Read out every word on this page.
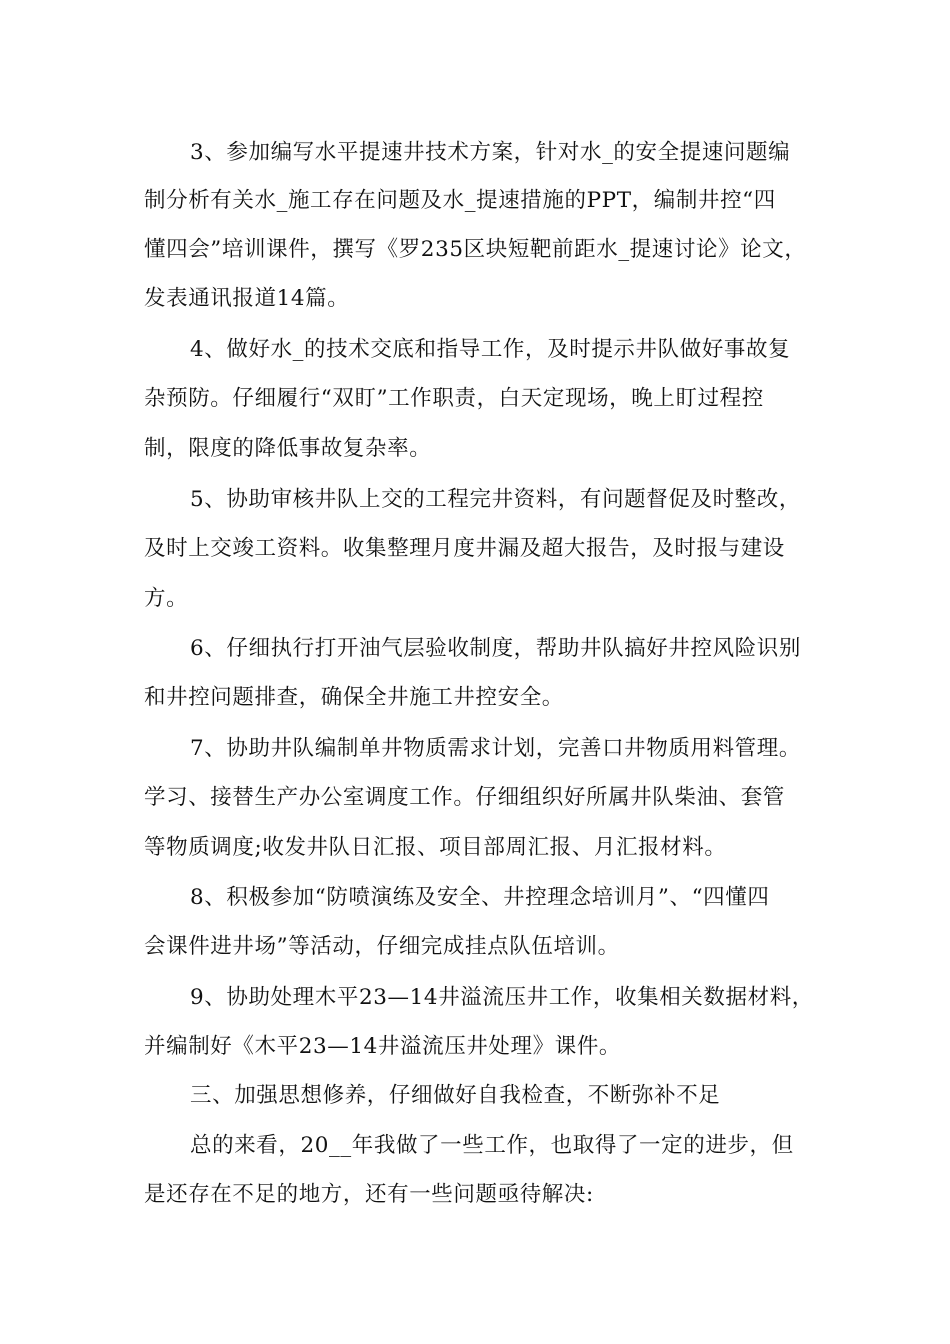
3、参加编写水平提速井技术方案，针对水_的安全提速问题编

制分析有关水_施工存在问题及水_提速措施的PPT，编制井控“四

懂四会”培训课件，撰写《罗235区块短靶前距水_提速讨论》论文，

发表通讯报道14篇。

4、做好水_的技术交底和指导工作，及时提示井队做好事故复

杂预防。仔细履行“双盯”工作职责，白天定现场，晚上盯过程控

制，限度的降低事故复杂率。

5、协助审核井队上交的工程完井资料，有问题督促及时整改，

及时上交竣工资料。收集整理月度井漏及超大报告，及时报与建设

方。

6、仔细执行打开油气层验收制度，帮助井队搞好井控风险识别

和井控问题排查，确保全井施工井控安全。

7、协助井队编制单井物质需求计划，完善口井物质用料管理。

学习、接替生产办公室调度工作。仔细组织好所属井队柴油、套管

等物质调度;收发井队日汇报、项目部周汇报、月汇报材料。

8、积极参加“防喷演练及安全、井控理念培训月”、“四懂四

会课件进井场”等活动，仔细完成挂点队伍培训。

9、协助处理木平23—14井溢流压井工作，收集相关数据材料，

并编制好《木平23—14井溢流压井处理》课件。

三、加强思想修养，仔细做好自我检查，不断弥补不足

总的来看，20__年我做了一些工作，也取得了一定的进步，但

是还存在不足的地方，还有一些问题亟待解决:
